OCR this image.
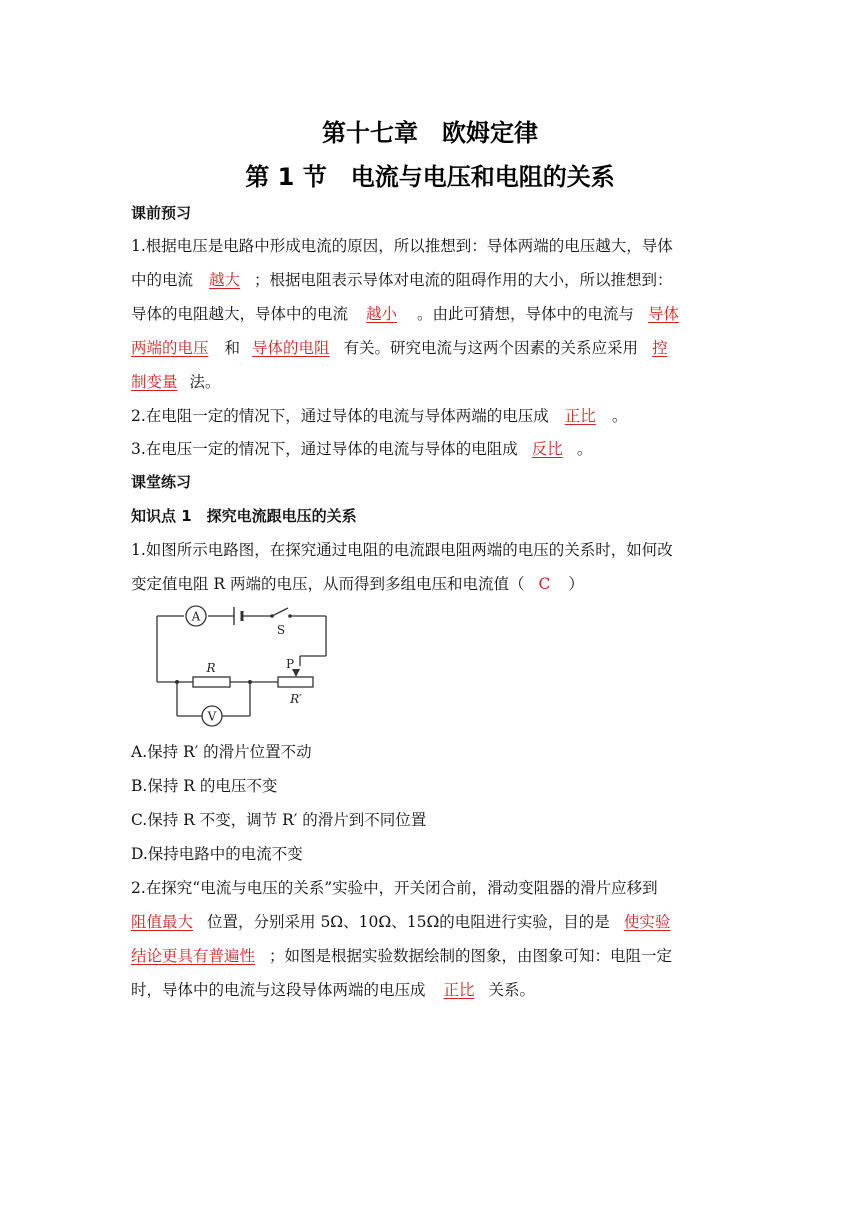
第十七章　欧姆定律
第 1 节　电流与电压和电阻的关系
课前预习
1.根据电压是电路中形成电流的原因，所以推想到：导体两端的电压越大，导体
中的电流 越大 ；根据电阻表示导体对电流的阻碍作用的大小，所以推想到：
导体的电阻越大，导体中的电流 越小 。由此可猜想，导体中的电流与 导体
两端的电压 和 导体的电阻 有关。研究电流与这两个因素的关系应采用 控
制变量 法。
2.在电阻一定的情况下，通过导体的电流与导体两端的电压成 正比 。
3.在电压一定的情况下，通过导体的电流与导体的电阻成 反比 。
课堂练习
知识点 1　探究电流跟电压的关系
1.如图所示电路图，在探究通过电阻的电流跟电阻两端的电压的关系时，如何改
变定值电阻 R 两端的电压，从而得到多组电压和电流值（ C ）
A
S
R	P
R′
V
A.保持 R′ 的滑片位置不动
B.保持 R 的电压不变
C.保持 R 不变，调节 R′ 的滑片到不同位置
D.保持电路中的电流不变
2.在探究“电流与电压的关系”实验中，开关闭合前，滑动变阻器的滑片应移到
阻值最大 位置，分别采用 5Ω、10Ω、15Ω的电阻进行实验，目的是 使实验
结论更具有普遍性 ；如图是根据实验数据绘制的图象，由图象可知：电阻一定
时，导体中的电流与这段导体两端的电压成 正比 关系。
